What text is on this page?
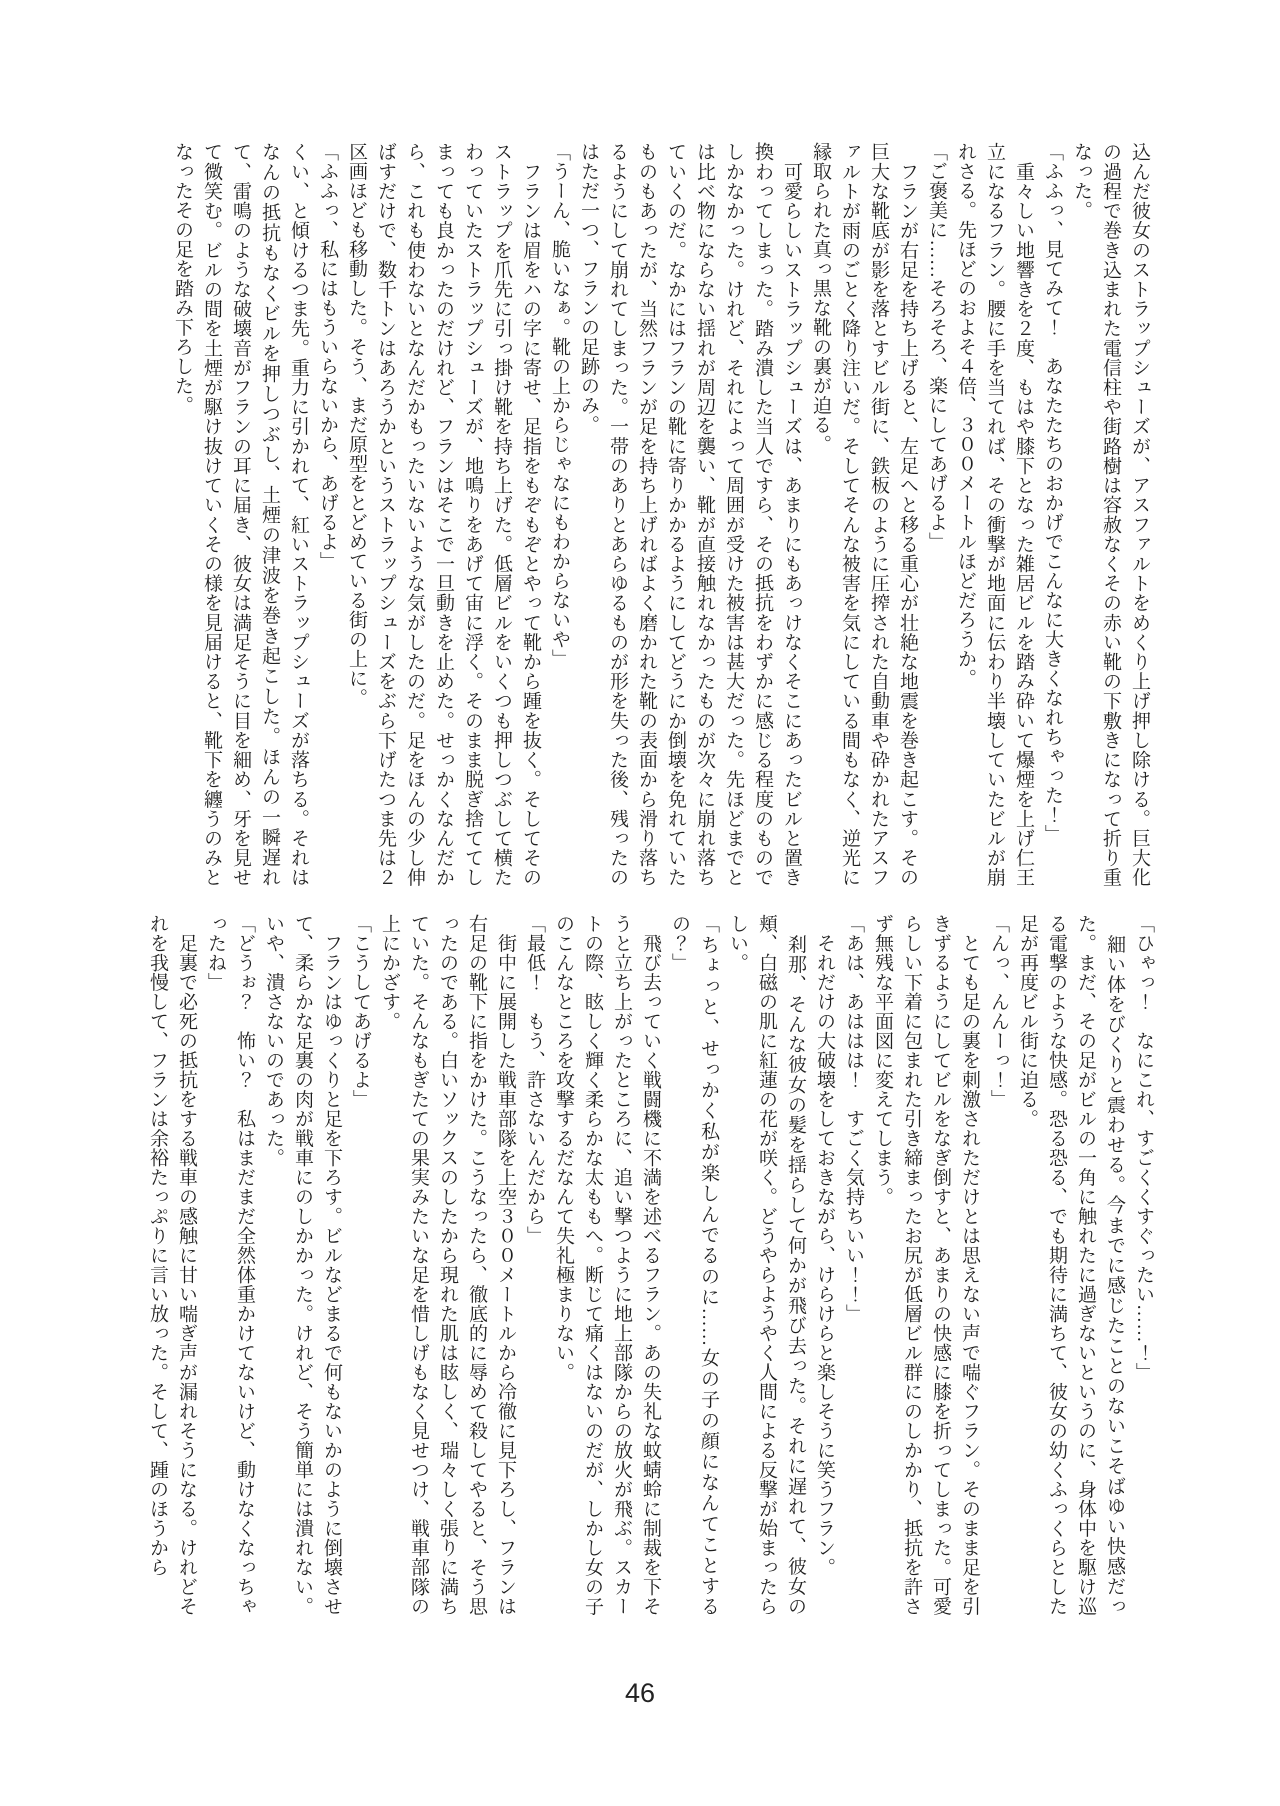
込んだ彼女のストラップシューズが、アスファルトをめくり上げ押し除ける。巨大化の過程で巻き込まれた電信柱や街路樹は容赦なくその赤い靴の下敷きになって折り重なった。

「ふふっ、見てみて！　あなたたちのおかげでこんなに大きくなれちゃった！」

　重々しい地響きを２度、もはや膝下となった雑居ビルを踏み砕いて爆煙を上げ仁王立になるフラン。腰に手を当てれば、その衝撃が地面に伝わり半壊していたビルが崩れさる。先ほどのおよそ４倍、３００メートルほどだろうか。

「ご褒美に……そろそろ、楽にしてあげるよ」

　フランが右足を持ち上げると、左足へと移る重心が壮絶な地震を巻き起こす。その巨大な靴底が影を落とすビル街に、鉄板のように圧搾された自動車や砕かれたアスファルトが雨のごとく降り注いだ。そしてそんな被害を気にしている間もなく、逆光に縁取られた真っ黒な靴の裏が迫る。

　可愛らしいストラップシューズは、あまりにもあっけなくそこにあったビルと置き換わってしまった。踏み潰した当人ですら、その抵抗をわずかに感じる程度のものでしかなかった。けれど、それによって周囲が受けた被害は甚大だった。先ほどまでとは比べ物にならない揺れが周辺を襲い、靴が直接触れなかったものが次々に崩れ落ちていくのだ。なかにはフランの靴に寄りかかるようにしてどうにか倒壊を免れていたものもあったが、当然フランが足を持ち上げればよく磨かれた靴の表面から滑り落ちるようにして崩れてしまった。一帯のありとあらゆるものが形を失った後、残ったのはただ一つ、フランの足跡のみ。

「うーん、脆いなぁ。靴の上からじゃなにもわからないや」

　フランは眉をハの字に寄せ、足指をもぞもぞとやって靴から踵を抜く。そしてそのストラップを爪先に引っ掛け靴を持ち上げた。低層ビルをいくつも押しつぶして横たわっていたストラップシューズが、地鳴りをあげて宙に浮く。そのまま脱ぎ捨ててしまっても良かったのだけれど、フランはそこで一旦動きを止めた。せっかくなんだから、これも使わないとなんだかもったいないような気がしたのだ。足をほんの少し伸ばすだけで、数千トンはあろうかというストラップシューズをぶら下げたつま先は２区画ほども移動した。そう、まだ原型をとどめている街の上に。

「ふふっ、私にはもういらないから、あげるよ」

くい、と傾けるつま先。重力に引かれて、紅いストラップシューズが落ちる。それはなんの抵抗もなくビルを押しつぶし、土煙の津波を巻き起こした。ほんの一瞬遅れて、雷鳴のような破壊音がフランの耳に届き、彼女は満足そうに目を細め、牙を見せて微笑む。ビルの間を土煙が駆け抜けていくその様を見届けると、靴下を纏うのみとなったその足を踏み下ろした。

「ひゃっ！　なにこれ、すごくくすぐったい……！」

　細い体をびくりと震わせる。今までに感じたことのないこそばゆい快感だった。まだ、その足がビルの一角に触れたに過ぎないというのに、身体中を駆け巡る電撃のような快感。恐る恐る、でも期待に満ちて、彼女の幼くふっくらとした足が再度ビル街に迫る。

「んっ、んんーっ！」

　とても足の裏を刺激されただけとは思えない声で喘ぐフラン。そのまま足を引きずるようにしてビルをなぎ倒すと、あまりの快感に膝を折ってしまった。可愛らしい下着に包まれた引き締まったお尻が低層ビル群にのしかかり、抵抗を許さず無残な平面図に変えてしまう。

「あは、あははは！　すごく気持ちいい！！」

　それだけの大破壊をしておきながら、けらけらと楽しそうに笑うフラン。

　刹那、そんな彼女の髪を揺らして何かが飛び去った。それに遅れて、彼女の頬、白磁の肌に紅蓮の花が咲く。どうやらようやく人間による反撃が始まったらしい。

「ちょっと、せっかく私が楽しんでるのに……女の子の顔になんてことするの？」

　飛び去っていく戦闘機に不満を述べるフラン。あの失礼な蚊蜻蛉に制裁を下そうと立ち上がったところに、追い撃つように地上部隊からの放火が飛ぶ。スカートの際、眩しく輝く柔らかな太ももへ。断じて痛くはないのだが、しかし女の子のこんなところを攻撃するだなんて失礼極まりない。

「最低！　もう、許さないんだから」

　街中に展開した戦車部隊を上空３００メートルから冷徹に見下ろし、フランは右足の靴下に指をかけた。こうなったら、徹底的に辱めて殺してやると、そう思ったのである。白いソックスのしたから現れた肌は眩しく、瑞々しく張りに満ちていた。そんなもぎたての果実みたいな足を惜しげもなく見せつけ、戦車部隊の上にかざす。

「こうしてあげるよ」

　フランはゆっくりと足を下ろす。ビルなどまるで何もないかのように倒壊させて、柔らかな足裏の肉が戦車にのしかかった。けれど、そう簡単には潰れない。いや、潰さないのであった。

「どうぉ？　怖い？　私はまだまだ全然体重かけてないけど、動けなくなっちゃったね」

　足裏で必死の抵抗をする戦車の感触に甘い喘ぎ声が漏れそうになる。けれどそれを我慢して、フランは余裕たっぷりに言い放った。そして、踵のほうから

46
